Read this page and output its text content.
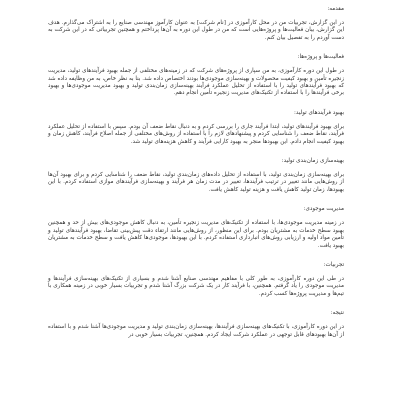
مقدمه:
در این گزارش، تجربیات من در محل کارآموزی در [نام شرکت] به عنوان کارآموز مهندسی صنایع را به اشتراک می‌گذارم. هدف این گزارش، بیان فعالیت‌ها و پروژه‌هایی است که من در طول این دوره به آن‌ها پرداختم و همچنین تجربیاتی که در این شرکت به دست آوردم را به تفصیل بیان کنم.
فعالیت‌ها و پروژه‌ها:
در طول این دوره کارآموزی، به من سپاری از پروژه‌های شرکت که در زمینه‌های مختلفی از جمله بهبود فرآیندهای تولید، مدیریت زنجیره تأمین و بهبود کیفیت محصولات و بهینه‌سازی موجودی‌ها بودند اختصاص داده شد. بنا به نظر خاص، به من وظایفه داده شد که بهبود فرآیندهای تولید را با استفاده از تحلیل عملکرد فرآیند بهینه‌سازی زمان‌بندی تولید و بهبود مدیریت موجودی‌ها و بهبود برخی فرآیندها را با استفاده از تکنیک‌های مدیریت زنجیره تأمین انجام دهم.
بهبود فرآیندهای تولید:
برای بهبود فرآیندهای تولید، ابتدا فرآیند جاری را بررسی کردم و به دنبال نقاط ضعف آن بودم. سپس با استفاده از تحلیل عملکرد فرآیند، نقاط ضعف را شناسایی کردم و پیشنهادهای لازم را با استفاده از روش‌های مختلفی از جمله اصلاح فرآیند، کاهش زمان و بهبود کیفیت انجام دادم. این بهبودها منجر به بهبود کارایی فرآیند و کاهش هزینه‌های تولید شد.
بهینه‌سازی زمان‌بندی تولید:
برای بهینه‌سازی زمان‌بندی تولید، با استفاده از تحلیل داده‌های زمان‌بندی تولید، نقاط ضعف را شناسایی کردم و برای بهبود آن‌ها از روش‌هایی مانند تغییر در ترتیب فرآیندها، تغییر در مدت زمان هر فرآیند و بهینه‌سازی فرآیندهای موازی استفاده کردم. با این بهبودها، زمان تولید کاهش یافت و هزینه تولید کاهش یافت.
مدیریت موجودی:
در زمینه مدیریت موجودی‌ها، با استفاده از تکنیک‌های مدیریت زنجیره تأمین، به دنبال کاهش موجودی‌های بیش از حد و همچنین بهبود سطح خدمات به مشتریان بودم. برای این منظور، از روش‌هایی مانند ارتقاء دقت پیش‌بینی تقاضا، بهبود فرآیندهای تولید و تأمین مواد اولیه و ارزیابی روش‌های انبارداری استفاده کردم. با این بهبودها، موجودی‌ها کاهش یافت و سطح خدمات به مشتریان بهبود یافت.
تجربیات:
در طی این دوره کارآموزی، به طور کلی با مفاهیم مهندسی صنایع آشنا شدم و بسیاری از تکنیک‌های بهینه‌سازی فرآیندها و مدیریت موجودی را یاد گرفتم. همچنین، با فرآیند کار در یک شرکت بزرگ آشنا شدم و تجربیات بسیار خوبی در زمینه همکاری با تیم‌ها و مدیریت پروژه‌ها کسب کردم.
نتیجه:
در این دوره کارآموزی، با تکنیک‌های بهینه‌سازی فرآیندها، بهینه‌سازی زمان‌بندی تولید و مدیریت موجودی‌ها آشنا شدم و با استفاده از آن‌ها بهبودهای قابل توجهی در عملکرد شرکت ایجاد کردم. همچنین، تجربیات بسیار خوبی در
